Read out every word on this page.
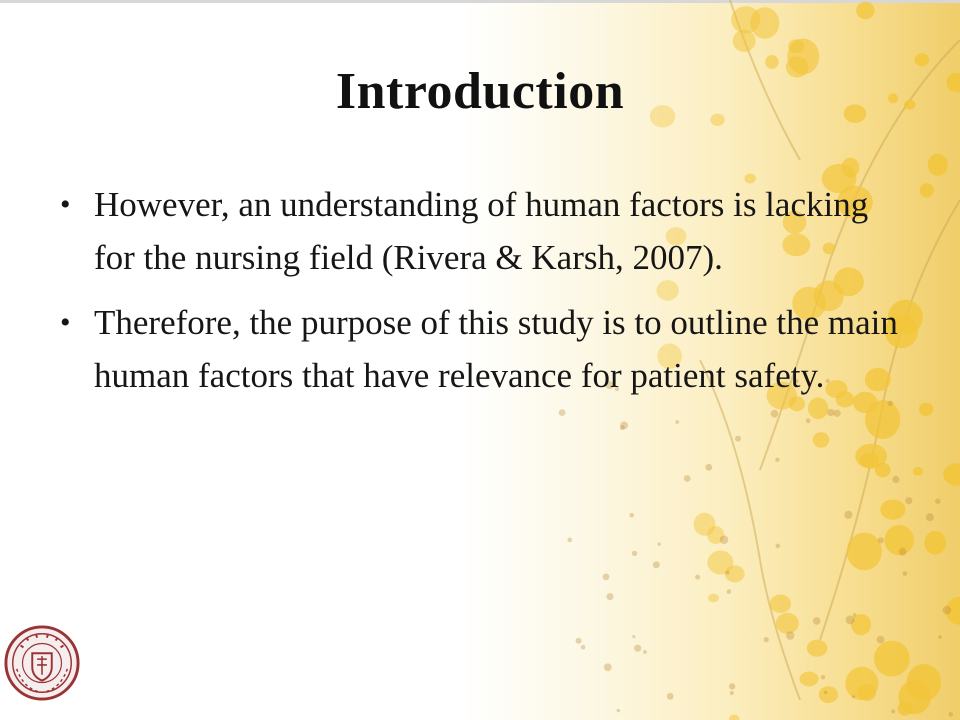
Introduction
• However, an understanding of human factors is lacking for the nursing field (Rivera & Karsh, 2007).
• Therefore, the purpose of this study is to outline the main human factors that have relevance for patient safety.
